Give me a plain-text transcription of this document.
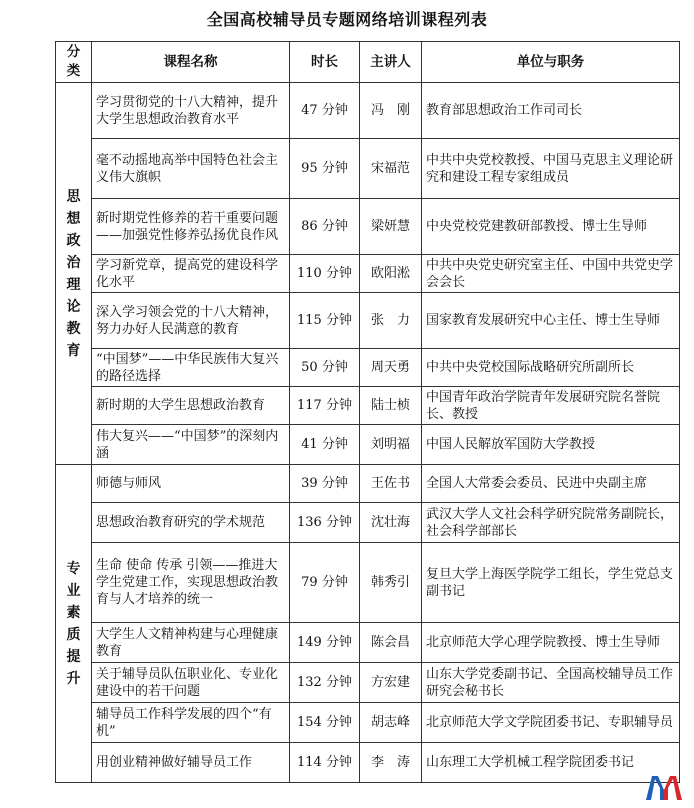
全国高校辅导员专题网络培训课程列表
分类	课程名称	时长	主讲人	单位与职务

思想政治理论教育	学习贯彻党的十八大精神，提升大学生思想政治教育水平	47 分钟	冯　刚	教育部思想政治工作司司长
	毫不动摇地高举中国特色社会主义伟大旗帜	95 分钟	宋福范	中共中央党校教授、中国马克思主义理论研究和建设工程专家组成员
	新时期党性修养的若干重要问题——加强党性修养弘扬优良作风	86 分钟	梁妍慧	中央党校党建教研部教授、博士生导师
	学习新党章，提高党的建设科学化水平	110 分钟	欧阳淞	中共中央党史研究室主任、中国中共党史学会会长
	深入学习领会党的十八大精神，努力办好人民满意的教育	115 分钟	张　力	国家教育发展研究中心主任、博士生导师
	“中国梦”——中华民族伟大复兴的路径选择	50 分钟	周天勇	中共中央党校国际战略研究所副所长
	新时期的大学生思想政治教育	117 分钟	陆士桢	中国青年政治学院青年发展研究院名誉院长、教授
	伟大复兴——“中国梦”的深刻内涵	41 分钟	刘明福	中国人民解放军国防大学教授

专业素质提升	师德与师风	39 分钟	王佐书	全国人大常委会委员、民进中央副主席
	思想政治教育研究的学术规范	136 分钟	沈壮海	武汉大学人文社会科学研究院常务副院长，社会科学部部长
	生命 使命 传承 引领——推进大学生党建工作，实现思想政治教育与人才培养的统一	79 分钟	韩秀引	复旦大学上海医学院学工组长，学生党总支副书记
	大学生人文精神构建与心理健康教育	149 分钟	陈会昌	北京师范大学心理学院教授、博士生导师
	关于辅导员队伍职业化、专业化建设中的若干问题	132 分钟	方宏建	山东大学党委副书记、全国高校辅导员工作研究会秘书长
	辅导员工作科学发展的四个“有机”	154 分钟	胡志峰	北京师范大学文学院团委书记、专职辅导员
	用创业精神做好辅导员工作	114 分钟	李　涛	山东理工大学机械工程学院团委书记
